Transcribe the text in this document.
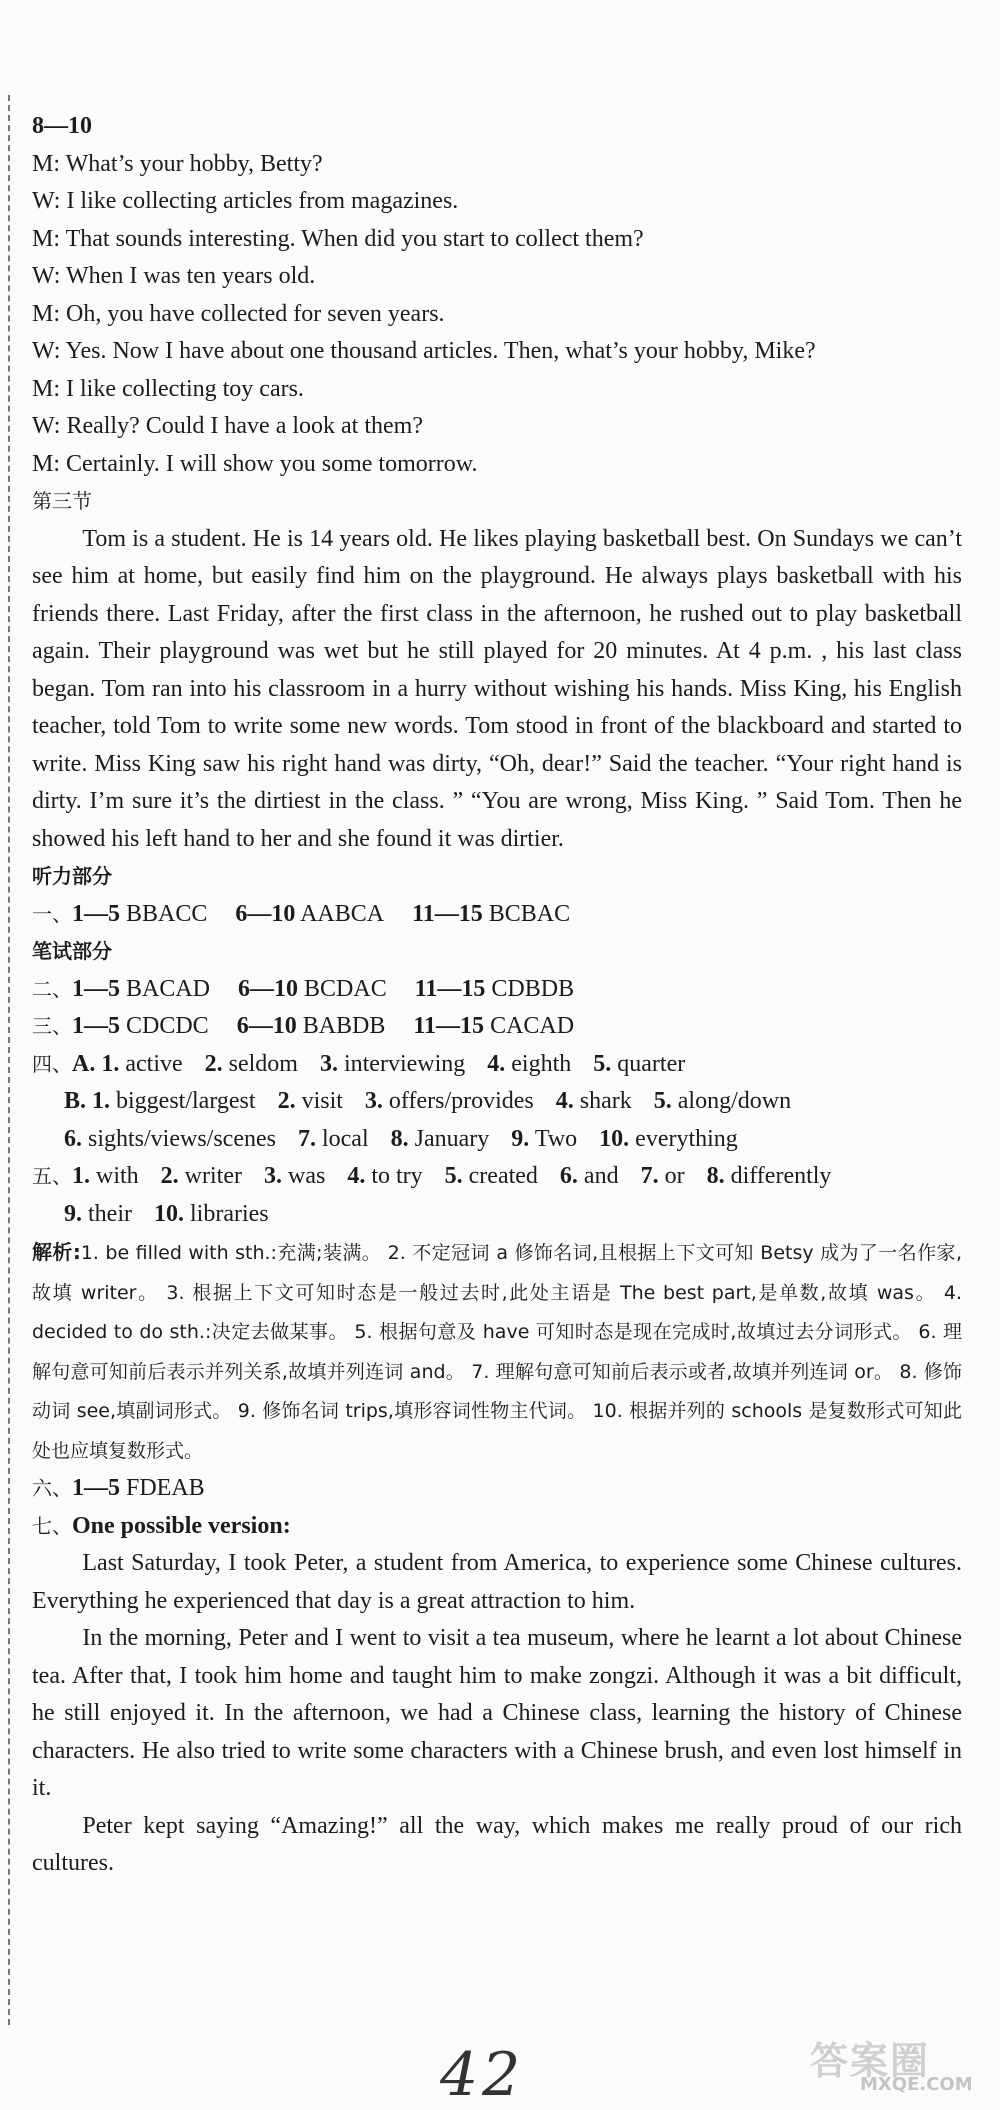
8—10
M: What’s your hobby, Betty?
W: I like collecting articles from magazines.
M: That sounds interesting. When did you start to collect them?
W: When I was ten years old.
M: Oh, you have collected for seven years.
W: Yes. Now I have about one thousand articles. Then, what’s your hobby, Mike?
M: I like collecting toy cars.
W: Really? Could I have a look at them?
M: Certainly. I will show you some tomorrow.
第三节

Tom is a student. He is 14 years old. He likes playing basketball best. On Sundays we can’t see him at home, but easily find him on the playground. He always plays basketball with his friends there. Last Friday, after the first class in the afternoon, he rushed out to play basketball again. Their playground was wet but he still played for 20 minutes. At 4 p.m. , his last class began. Tom ran into his classroom in a hurry without wishing his hands. Miss King, his English teacher, told Tom to write some new words. Tom stood in front of the blackboard and started to write. Miss King saw his right hand was dirty, “Oh, dear!” Said the teacher. “Your right hand is dirty. I’m sure it’s the dirtiest in the class. ” “You are wrong, Miss King. ” Said Tom. Then he showed his left hand to her and she found it was dirtier.

听力部分
一、1—5 BBACC 6—10 AABCA 11—15 BCBAC
笔试部分
二、1—5 BACAD 6—10 BCDAC 11—15 CDBDB
三、1—5 CDCDC 6—10 BABDB 11—15 CACAD
四、A. 1. active 2. seldom 3. interviewing 4. eighth 5. quarter
B. 1. biggest/largest 2. visit 3. offers/provides 4. shark 5. along/down
6. sights/views/scenes 7. local 8. January 9. Two 10. everything
五、1. with 2. writer 3. was 4. to try 5. created 6. and 7. or 8. differently
9. their 10. libraries
解析:1. be filled with sth.:充满;装满。 2. 不定冠词 a 修饰名词,且根据上下文可知 Betsy 成为了一名作家,故填 writer。 3. 根据上下文可知时态是一般过去时,此处主语是 The best part,是单数,故填 was。 4. decided to do sth.:决定去做某事。 5. 根据句意及 have 可知时态是现在完成时,故填过去分词形式。 6. 理解句意可知前后表示并列关系,故填并列连词 and。 7. 理解句意可知前后表示或者,故填并列连词 or。 8. 修饰动词 see,填副词形式。 9. 修饰名词 trips,填形容词性物主代词。 10. 根据并列的 schools 是复数形式可知此处也应填复数形式。
六、1—5 FDEAB
七、One possible version:

Last Saturday, I took Peter, a student from America, to experience some Chinese cultures. Everything he experienced that day is a great attraction to him.

In the morning, Peter and I went to visit a tea museum, where he learnt a lot about Chinese tea. After that, I took him home and taught him to make zongzi. Although it was a bit difficult, he still enjoyed it. In the afternoon, we had a Chinese class, learning the history of Chinese characters. He also tried to write some characters with a Chinese brush, and even lost himself in it.

Peter kept saying “Amazing!” all the way, which makes me really proud of our rich cultures.

42	答案圈
MXQE.COM
